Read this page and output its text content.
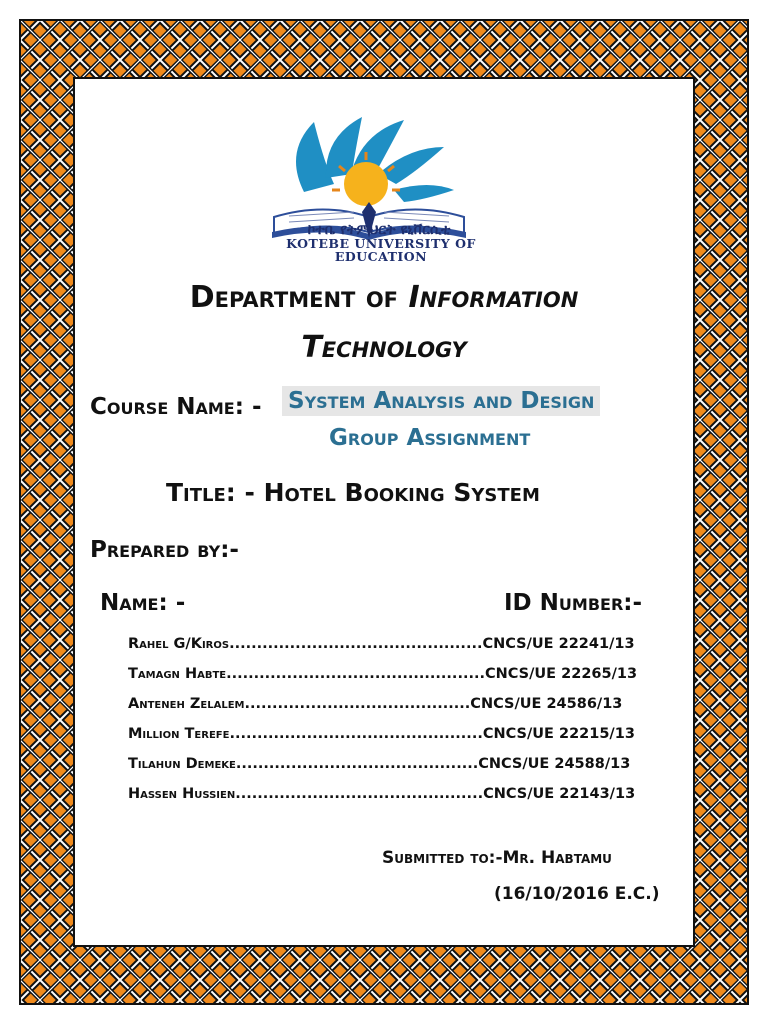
ኮተቤ የትምህርት ዩኒቨርሲቲ
KOTEBE UNIVERSITY OF
EDUCATION
Department of Information
Technology
Course Name: - System Analysis and Design
Group Assignment
Title: - Hotel Booking System
Prepared by:-
Name: -	ID Number:-
Rahel G/Kiros..............................................CNCS/UE 22241/13
Tamagn Habte...............................................CNCS/UE 22265/13
Anteneh Zelalem.........................................CNCS/UE 24586/13
Million Terefe..............................................CNCS/UE 22215/13
Tilahun Demeke............................................CNCS/UE 24588/13
Hassen Hussien.............................................CNCS/UE 22143/13
Submitted to:-Mr. Habtamu
(16/10/2016 E.C.)
